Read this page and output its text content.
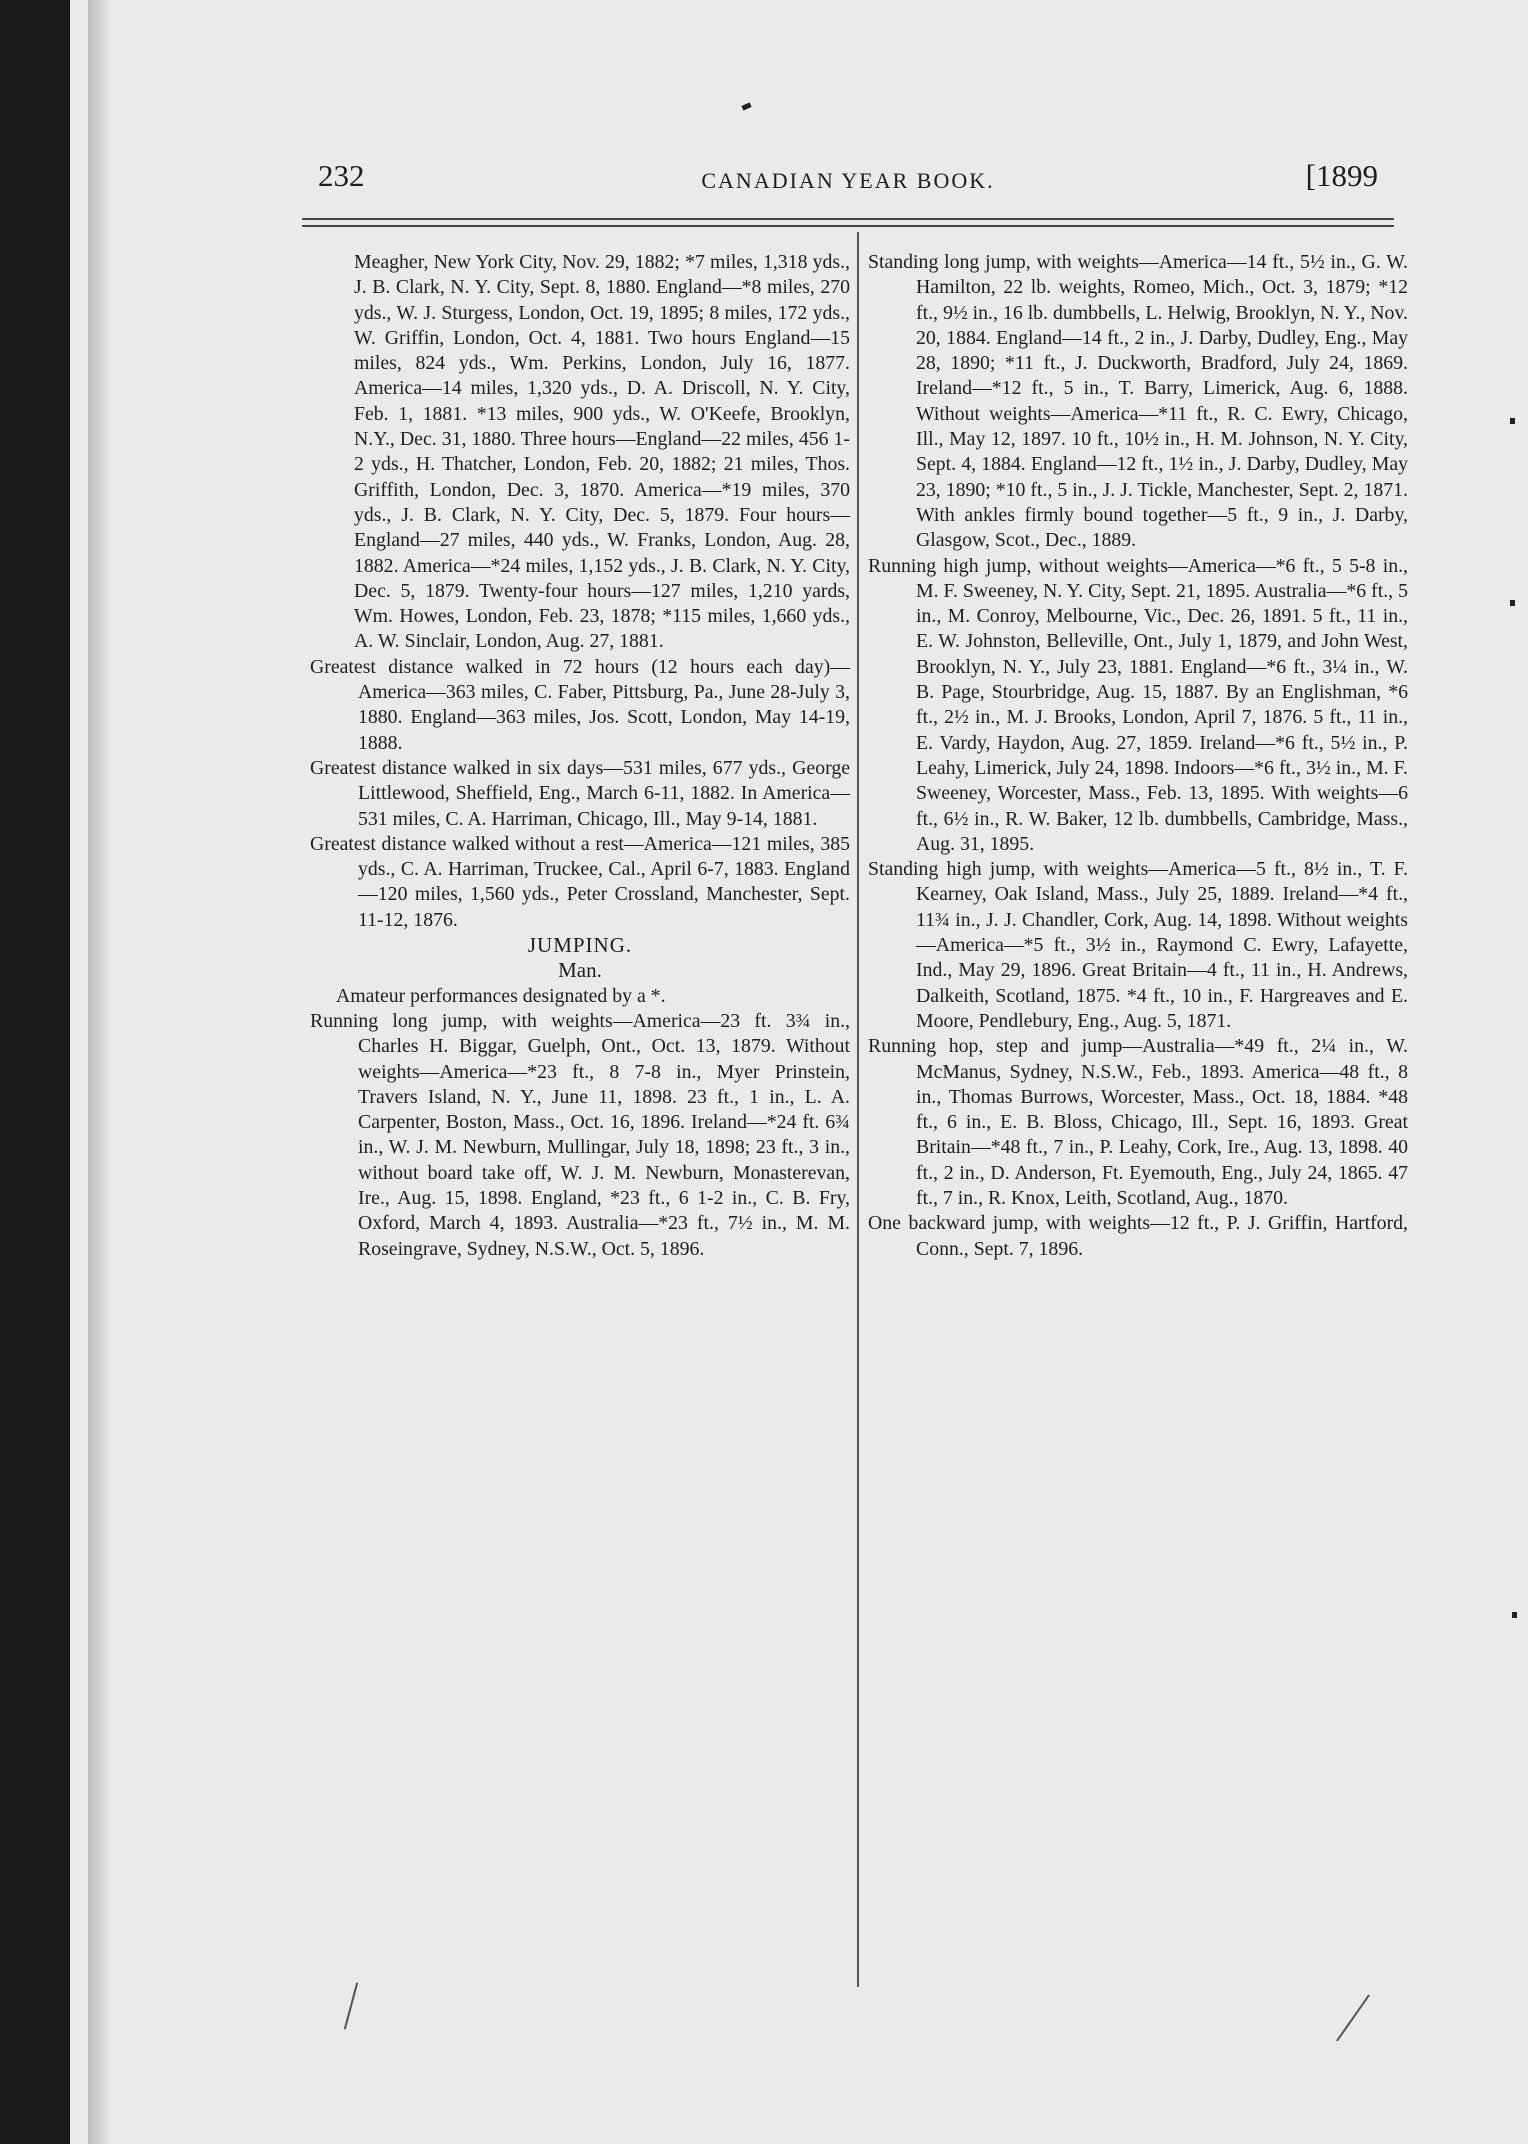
232	CANADIAN YEAR BOOK.	[1899

Meagher, New York City, Nov. 29, 1882; *7 miles, 1,318 yds., J. B. Clark, N. Y. City, Sept. 8, 1880. England—*8 miles, 270 yds., W. J. Sturgess, London, Oct. 19, 1895; 8 miles, 172 yds., W. Griffin, London, Oct. 4, 1881. Two hours England—15 miles, 824 yds., Wm. Perkins, London, July 16, 1877. America—14 miles, 1,320 yds., D. A. Driscoll, N. Y. City, Feb. 1, 1881. *13 miles, 900 yds., W. O'Keefe, Brooklyn, N.Y., Dec. 31, 1880. Three hours—England—22 miles, 456 1-2 yds., H. Thatcher, London, Feb. 20, 1882; 21 miles, Thos. Griffith, London, Dec. 3, 1870. America—*19 miles, 370 yds., J. B. Clark, N. Y. City, Dec. 5, 1879. Four hours—England—27 miles, 440 yds., W. Franks, London, Aug. 28, 1882. America—*24 miles, 1,152 yds., J. B. Clark, N. Y. City, Dec. 5, 1879. Twenty-four hours—127 miles, 1,210 yards, Wm. Howes, London, Feb. 23, 1878; *115 miles, 1,660 yds., A. W. Sinclair, London, Aug. 27, 1881.

Greatest distance walked in 72 hours (12 hours each day)—America—363 miles, C. Faber, Pittsburg, Pa., June 28-July 3, 1880. England—363 miles, Jos. Scott, London, May 14-19, 1888.

Greatest distance walked in six days—531 miles, 677 yds., George Littlewood, Sheffield, Eng., March 6-11, 1882. In America—531 miles, C. A. Harriman, Chicago, Ill., May 9-14, 1881.

Greatest distance walked without a rest—America—121 miles, 385 yds., C. A. Harriman, Truckee, Cal., April 6-7, 1883. England—120 miles, 1,560 yds., Peter Crossland, Manchester, Sept. 11-12, 1876.

JUMPING.

Man.

Amateur performances designated by a *.

Running long jump, with weights—America—23 ft. 3¾ in., Charles H. Biggar, Guelph, Ont., Oct. 13, 1879. Without weights—America—*23 ft., 8 7-8 in., Myer Prinstein, Travers Island, N. Y., June 11, 1898. 23 ft., 1 in., L. A. Carpenter, Boston, Mass., Oct. 16, 1896. Ireland—*24 ft. 6¾ in., W. J. M. Newburn, Mullingar, July 18, 1898; 23 ft., 3 in., without board take off, W. J. M. Newburn, Monasterevan, Ire., Aug. 15, 1898. England, *23 ft., 6 1-2 in., C. B. Fry, Oxford, March 4, 1893. Australia—*23 ft., 7½ in., M. M. Roseingrave, Sydney, N.S.W., Oct. 5, 1896.

Standing long jump, with weights—America—14 ft., 5½ in., G. W. Hamilton, 22 lb. weights, Romeo, Mich., Oct. 3, 1879; *12 ft., 9½ in., 16 lb. dumbbells, L. Helwig, Brooklyn, N. Y., Nov. 20, 1884. England—14 ft., 2 in., J. Darby, Dudley, Eng., May 28, 1890; *11 ft., J. Duckworth, Bradford, July 24, 1869. Ireland—*12 ft., 5 in., T. Barry, Limerick, Aug. 6, 1888. Without weights—America—*11 ft., R. C. Ewry, Chicago, Ill., May 12, 1897. 10 ft., 10½ in., H. M. Johnson, N. Y. City, Sept. 4, 1884. England—12 ft., 1½ in., J. Darby, Dudley, May 23, 1890; *10 ft., 5 in., J. J. Tickle, Manchester, Sept. 2, 1871. With ankles firmly bound together—5 ft., 9 in., J. Darby, Glasgow, Scot., Dec., 1889.

Running high jump, without weights—America—*6 ft., 5 5-8 in., M. F. Sweeney, N. Y. City, Sept. 21, 1895. Australia—*6 ft., 5 in., M. Conroy, Melbourne, Vic., Dec. 26, 1891. 5 ft., 11 in., E. W. Johnston, Belleville, Ont., July 1, 1879, and John West, Brooklyn, N. Y., July 23, 1881. England—*6 ft., 3¼ in., W. B. Page, Stourbridge, Aug. 15, 1887. By an Englishman, *6 ft., 2½ in., M. J. Brooks, London, April 7, 1876. 5 ft., 11 in., E. Vardy, Haydon, Aug. 27, 1859. Ireland—*6 ft., 5½ in., P. Leahy, Limerick, July 24, 1898. Indoors—*6 ft., 3½ in., M. F. Sweeney, Worcester, Mass., Feb. 13, 1895. With weights—6 ft., 6½ in., R. W. Baker, 12 lb. dumbbells, Cambridge, Mass., Aug. 31, 1895.

Standing high jump, with weights—America—5 ft., 8½ in., T. F. Kearney, Oak Island, Mass., July 25, 1889. Ireland—*4 ft., 11¾ in., J. J. Chandler, Cork, Aug. 14, 1898. Without weights—America—*5 ft., 3½ in., Raymond C. Ewry, Lafayette, Ind., May 29, 1896. Great Britain—4 ft., 11 in., H. Andrews, Dalkeith, Scotland, 1875. *4 ft., 10 in., F. Hargreaves and E. Moore, Pendlebury, Eng., Aug. 5, 1871.

Running hop, step and jump—Australia—*49 ft., 2¼ in., W. McManus, Sydney, N.S.W., Feb., 1893. America—48 ft., 8 in., Thomas Burrows, Worcester, Mass., Oct. 18, 1884. *48 ft., 6 in., E. B. Bloss, Chicago, Ill., Sept. 16, 1893. Great Britain—*48 ft., 7 in., P. Leahy, Cork, Ire., Aug. 13, 1898. 40 ft., 2 in., D. Anderson, Ft. Eyemouth, Eng., July 24, 1865. 47 ft., 7 in., R. Knox, Leith, Scotland, Aug., 1870.

One backward jump, with weights—12 ft., P. J. Griffin, Hartford, Conn., Sept. 7, 1896.
